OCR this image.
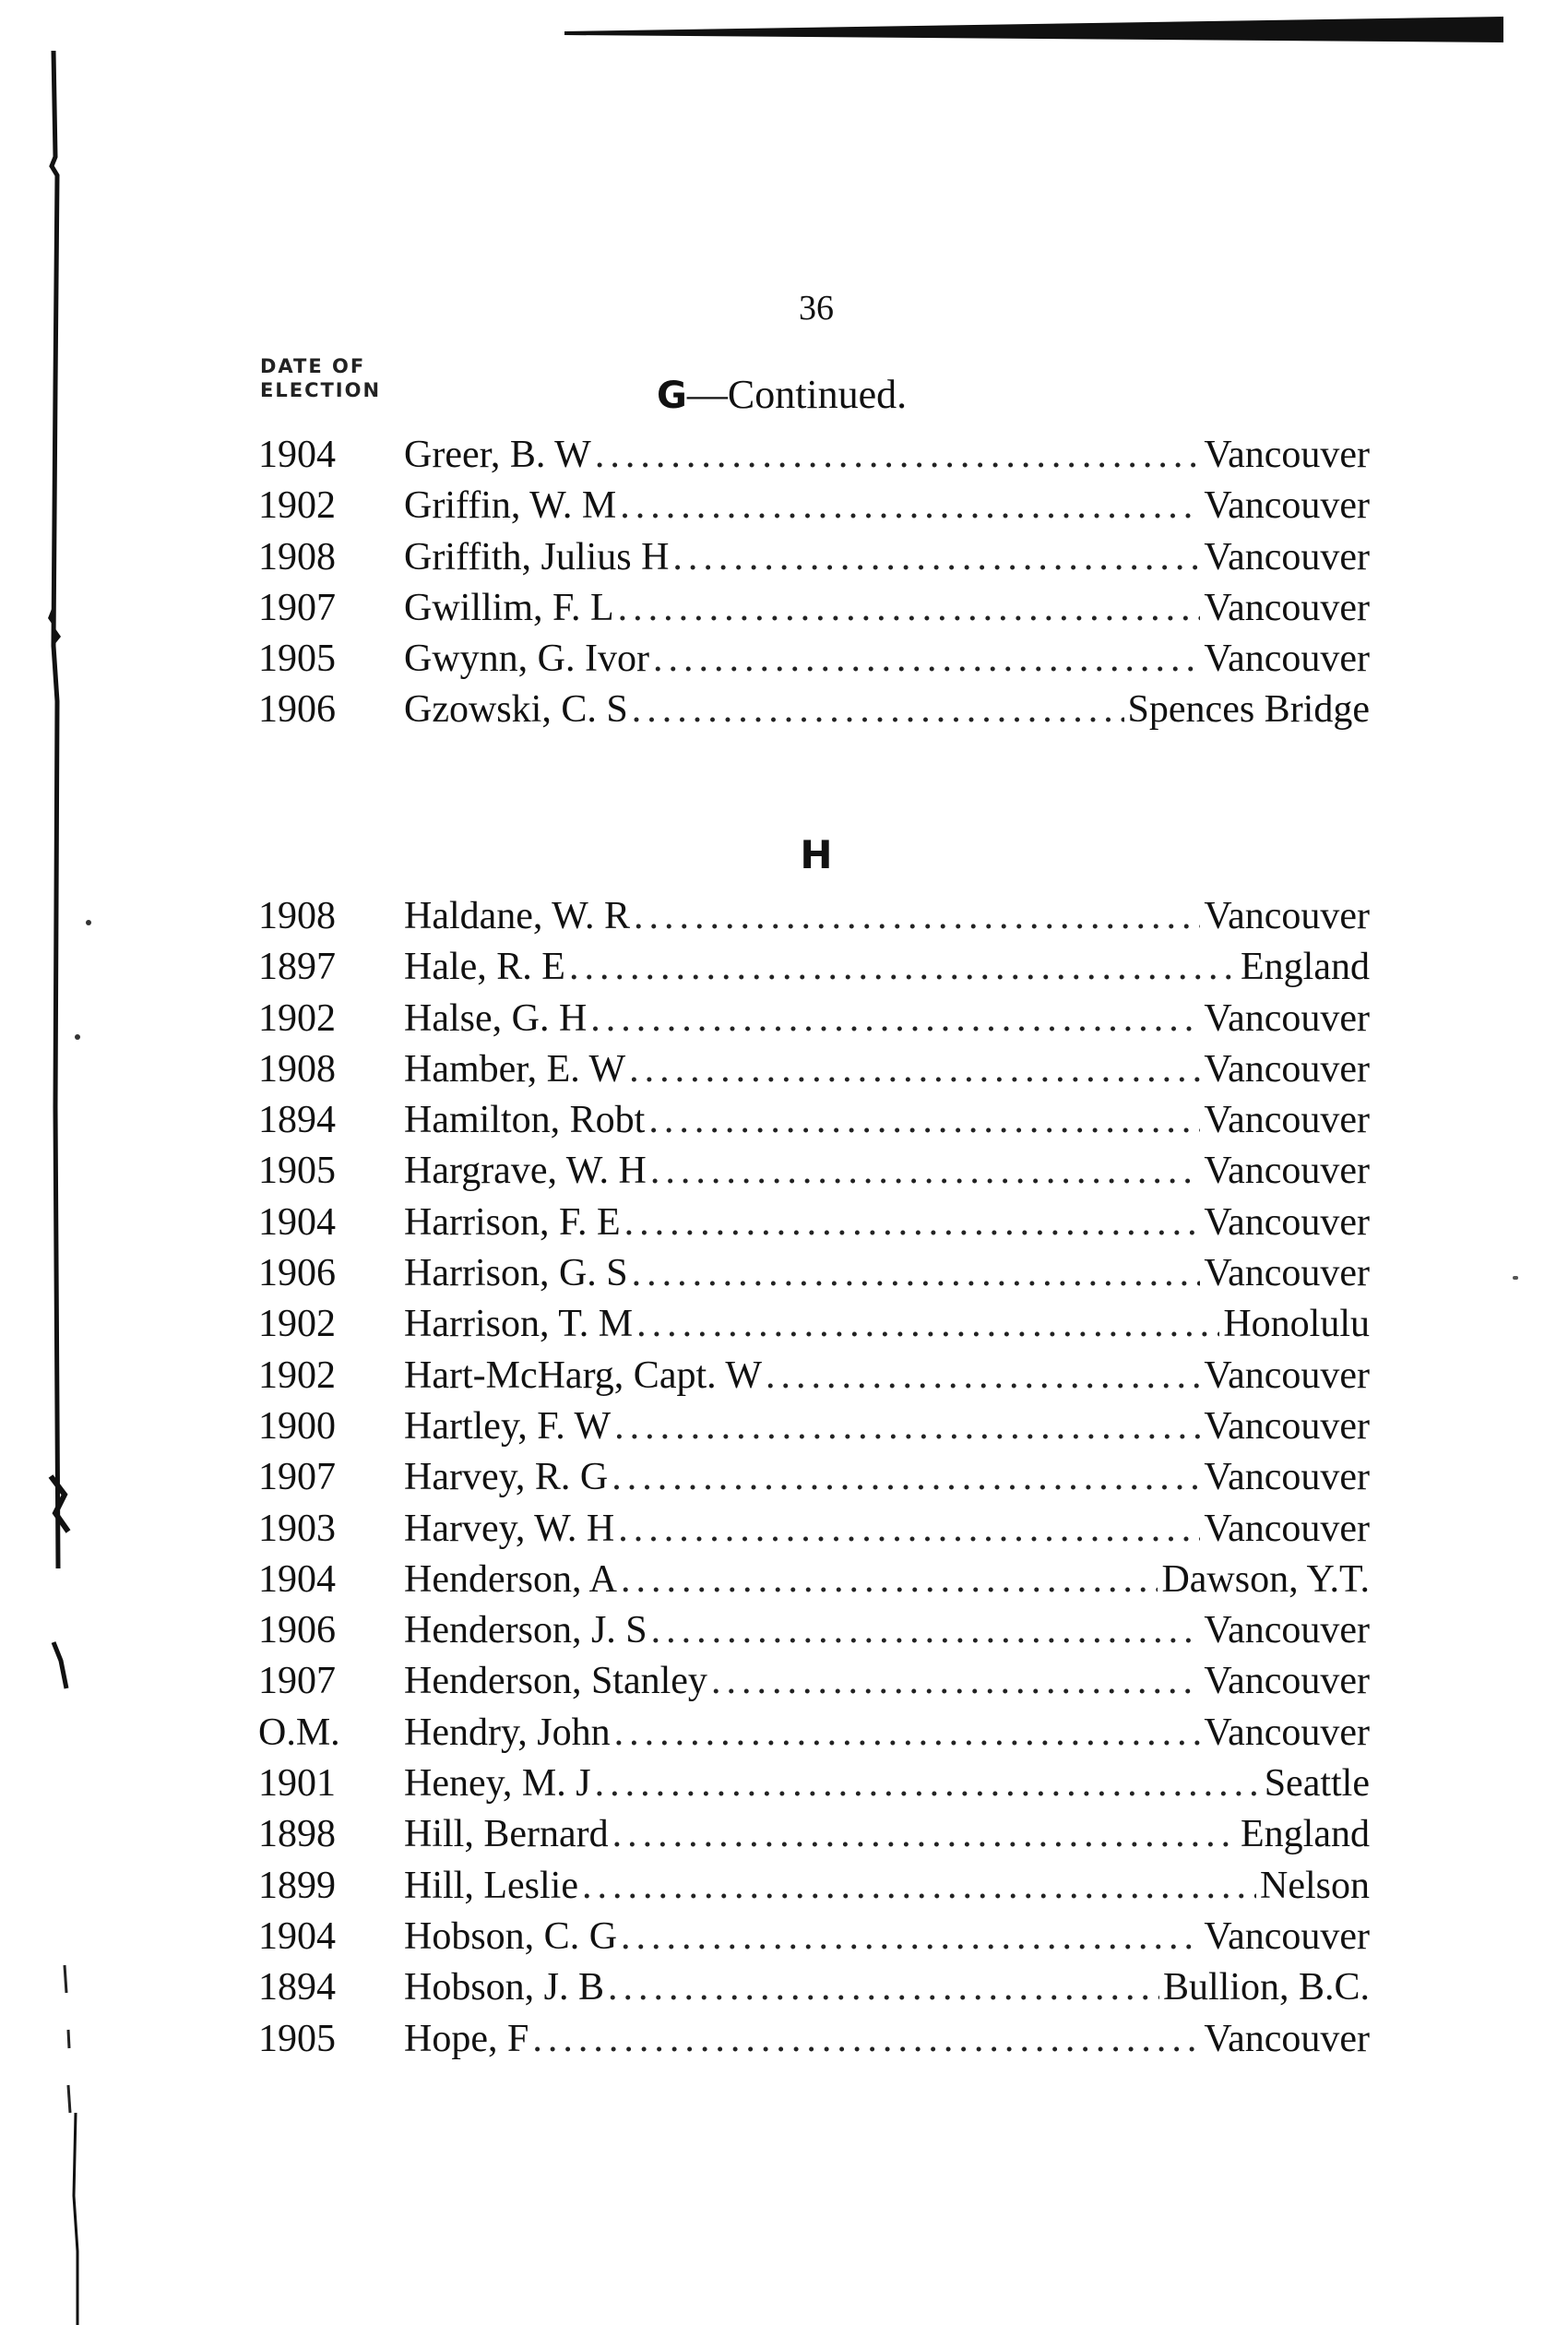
36

DATE OF
ELECTION	G—Continued.
1904	Greer, B. W .....	Vancouver
1902	Griffin, W. M .....	Vancouver
1908	Griffith, Julius H .....	Vancouver
1907	Gwillim, F. L .....	Vancouver
1905	Gwynn, G. Ivor .....	Vancouver
1906	Gzowski, C. S .....	Spences Bridge
H
1908	Haldane, W. R .....	Vancouver
1897	Hale, R. E .....	England
1902	Halse, G. H .....	Vancouver
1908	Hamber, E. W .....	Vancouver
1894	Hamilton, Robt .....	Vancouver
1905	Hargrave, W. H .....	Vancouver
1904	Harrison, F. E .....	Vancouver
1906	Harrison, G. S .....	Vancouver
1902	Harrison, T. M .....	Honolulu
1902	Hart-McHarg, Capt. W .....	Vancouver
1900	Hartley, F. W .....	Vancouver
1907	Harvey, R. G .....	Vancouver
1903	Harvey, W. H .....	Vancouver
1904	Henderson, A .....	Dawson, Y.T.
1906	Henderson, J. S .....	Vancouver
1907	Henderson, Stanley .....	Vancouver
O.M.	Hendry, John .....	Vancouver
1901	Heney, M. J .....	Seattle
1898	Hill, Bernard .....	England
1899	Hill, Leslie .....	Nelson
1904	Hobson, C. G .....	Vancouver
1894	Hobson, J. B .....	Bullion, B.C.
1905	Hope, F .....	Vancouver
